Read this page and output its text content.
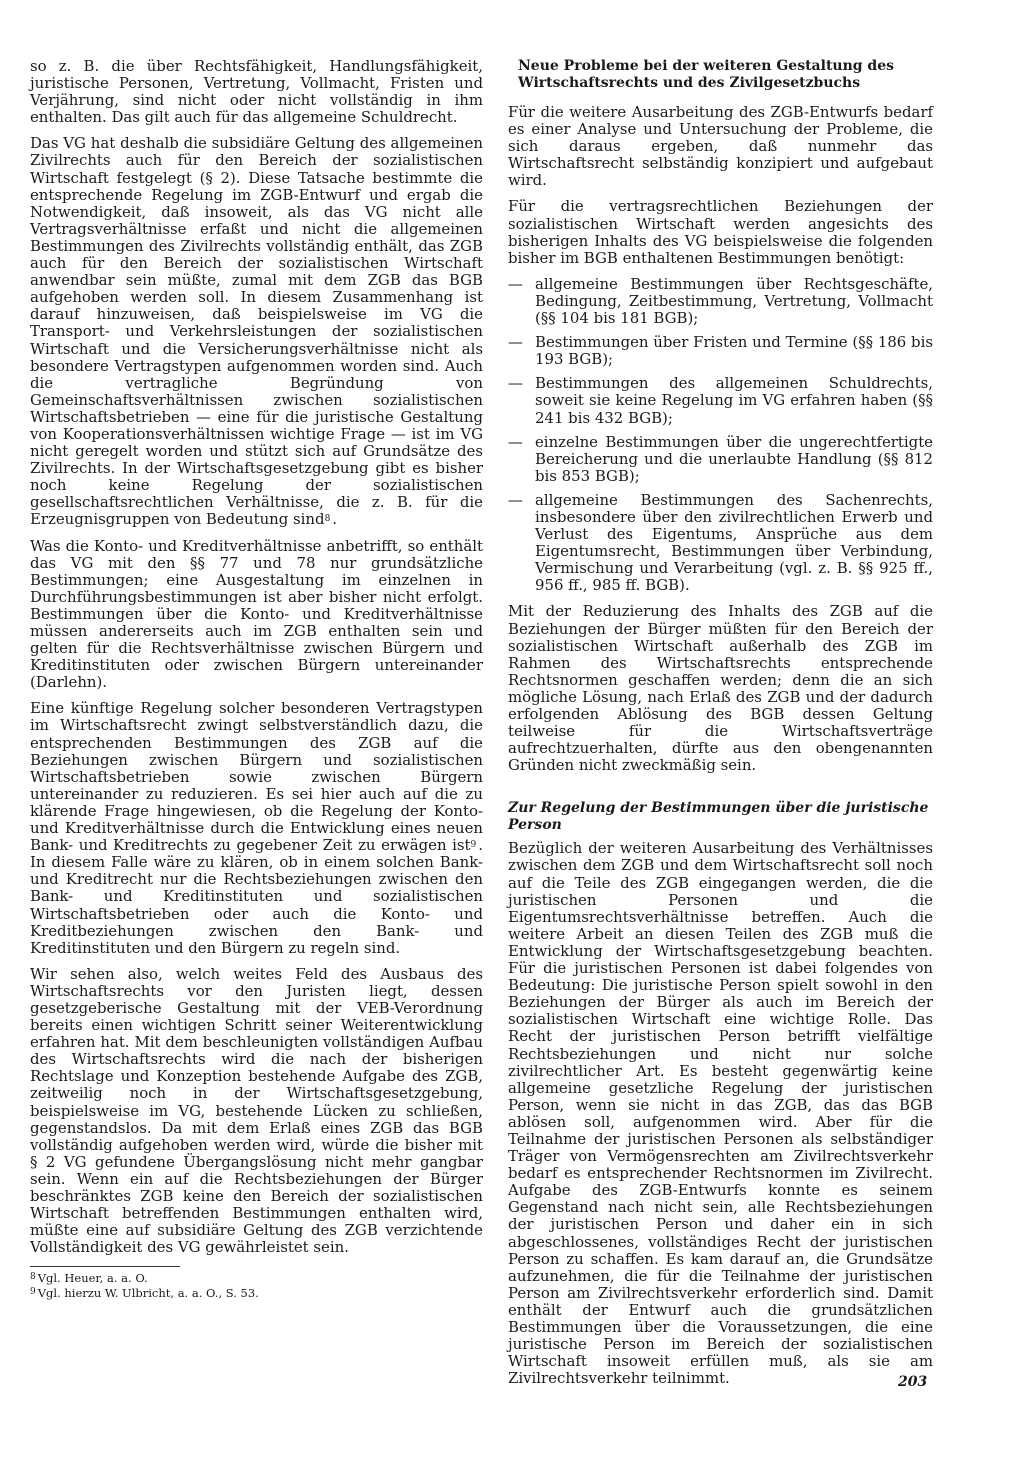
so z. B. die über Rechtsfähigkeit, Handlungsfähigkeit, juristische Personen, Vertretung, Vollmacht, Fristen und Verjährung, sind nicht oder nicht vollständig in ihm enthalten. Das gilt auch für das allgemeine Schuldrecht.

Das VG hat deshalb die subsidiäre Geltung des allgemeinen Zivilrechts auch für den Bereich der sozialistischen Wirtschaft festgelegt (§ 2). Diese Tatsache bestimmte die entsprechende Regelung im ZGB-Entwurf und ergab die Notwendigkeit, daß insoweit, als das VG nicht alle Vertragsverhältnisse erfaßt und nicht die allgemeinen Bestimmungen des Zivilrechts vollständig enthält, das ZGB auch für den Bereich der sozialistischen Wirtschaft anwendbar sein müßte, zumal mit dem ZGB das BGB aufgehoben werden soll. In diesem Zusammenhang ist darauf hinzuweisen, daß beispielsweise im VG die Transport- und Verkehrsleistungen der sozialistischen Wirtschaft und die Versicherungsverhältnisse nicht als besondere Vertragstypen aufgenommen worden sind. Auch die vertragliche Begründung von Gemeinschaftsverhältnissen zwischen sozialistischen Wirtschaftsbetrieben — eine für die juristische Gestaltung von Kooperationsverhältnissen wichtige Frage — ist im VG nicht geregelt worden und stützt sich auf Grundsätze des Zivilrechts. In der Wirtschaftsgesetzgebung gibt es bisher noch keine Regelung der sozialistischen gesellschaftsrechtlichen Verhältnisse, die z. B. für die Erzeugnisgruppen von Bedeutung sind$^8$ .

Was die Konto- und Kreditverhältnisse anbetrifft, so enthält das VG mit den §§ 77 und 78 nur grundsätzliche Bestimmungen; eine Ausgestaltung im einzelnen in Durchführungsbestimmungen ist aber bisher nicht erfolgt. Bestimmungen über die Konto- und Kreditverhältnisse müssen andererseits auch im ZGB enthalten sein und gelten für die Rechtsverhältnisse zwischen Bürgern und Kreditinstituten oder zwischen Bürgern untereinander (Darlehn).

Eine künftige Regelung solcher besonderen Vertragstypen im Wirtschaftsrecht zwingt selbstverständlich dazu, die entsprechenden Bestimmungen des ZGB auf die Beziehungen zwischen Bürgern und sozialistischen Wirtschaftsbetrieben sowie zwischen Bürgern untereinander zu reduzieren. Es sei hier auch auf die zu klärende Frage hingewiesen, ob die Regelung der Konto- und Kreditverhältnisse durch die Entwicklung eines neuen Bank- und Kreditrechts zu gegebener Zeit zu erwägen ist$^9$ . In diesem Falle wäre zu klären, ob in einem solchen Bank- und Kreditrecht nur die Rechtsbeziehungen zwischen den Bank- und Kreditinstituten und sozialistischen Wirtschaftsbetrieben oder auch die Konto- und Kreditbeziehungen zwischen den Bank- und Kreditinstituten und den Bürgern zu regeln sind.

Wir sehen also, welch weites Feld des Ausbaus des Wirtschaftsrechts vor den Juristen liegt, dessen gesetzgeberische Gestaltung mit der VEB-Verordnung bereits einen wichtigen Schritt seiner Weiterentwicklung erfahren hat. Mit dem beschleunigten vollständigen Aufbau des Wirtschaftsrechts wird die nach der bisherigen Rechtslage und Konzeption bestehende Aufgabe des ZGB, zeitweilig noch in der Wirtschaftsgesetzgebung, beispielsweise im VG, bestehende Lücken zu schließen, gegenstandslos. Da mit dem Erlaß eines ZGB das BGB vollständig aufgehoben werden wird, würde die bisher mit § 2 VG gefundene Übergangslösung nicht mehr gangbar sein. Wenn ein auf die Rechtsbeziehungen der Bürger beschränktes ZGB keine den Bereich der sozialistischen Wirtschaft betreffenden Bestimmungen enthalten wird, müßte eine auf subsidiäre Geltung des ZGB verzichtende Vollständigkeit des VG gewährleistet sein.

$^8$ Vgl. Heuer, a. a. O.
$^9$ Vgl. hierzu W. Ulbricht, a. a. O., S. 53.
Neue Probleme bei der weiteren Gestaltung des Wirtschaftsrechts und des Zivilgesetzbuchs

Für die weitere Ausarbeitung des ZGB-Entwurfs bedarf es einer Analyse und Untersuchung der Probleme, die sich daraus ergeben, daß nunmehr das Wirtschaftsrecht selbständig konzipiert und aufgebaut wird.

Für die vertragsrechtlichen Beziehungen der sozialistischen Wirtschaft werden angesichts des bisherigen Inhalts des VG beispielsweise die folgenden bisher im BGB enthaltenen Bestimmungen benötigt:

— allgemeine Bestimmungen über Rechtsgeschäfte, Bedingung, Zeitbestimmung, Vertretung, Vollmacht (§§ 104 bis 181 BGB);
— Bestimmungen über Fristen und Termine (§§ 186 bis 193 BGB);
— Bestimmungen des allgemeinen Schuldrechts, soweit sie keine Regelung im VG erfahren haben (§§ 241 bis 432 BGB);
— einzelne Bestimmungen über die ungerechtfertigte Bereicherung und die unerlaubte Handlung (§§ 812 bis 853 BGB);
— allgemeine Bestimmungen des Sachenrechts, insbesondere über den zivilrechtlichen Erwerb und Verlust des Eigentums, Ansprüche aus dem Eigentumsrecht, Bestimmungen über Verbindung, Vermischung und Verarbeitung (vgl. z. B. §§ 925 ff., 956 ff., 985 ff. BGB).

Mit der Reduzierung des Inhalts des ZGB auf die Beziehungen der Bürger müßten für den Bereich der sozialistischen Wirtschaft außerhalb des ZGB im Rahmen des Wirtschaftsrechts entsprechende Rechtsnormen geschaffen werden; denn die an sich mögliche Lösung, nach Erlaß des ZGB und der dadurch erfolgenden Ablösung des BGB dessen Geltung teilweise für die Wirtschaftsverträge aufrechtzuerhalten, dürfte aus den obengenannten Gründen nicht zweckmäßig sein.

Zur Regelung der Bestimmungen über die juristische Person

Bezüglich der weiteren Ausarbeitung des Verhältnisses zwischen dem ZGB und dem Wirtschaftsrecht soll noch auf die Teile des ZGB eingegangen werden, die die juristischen Personen und die Eigentumsrechtsverhältnisse betreffen. Auch die weitere Arbeit an diesen Teilen des ZGB muß die Entwicklung der Wirtschaftsgesetzgebung beachten. Für die juristischen Personen ist dabei folgendes von Bedeutung: Die juristische Person spielt sowohl in den Beziehungen der Bürger als auch im Bereich der sozialistischen Wirtschaft eine wichtige Rolle. Das Recht der juristischen Person betrifft vielfältige Rechtsbeziehungen und nicht nur solche zivilrechtlicher Art. Es besteht gegenwärtig keine allgemeine gesetzliche Regelung der juristischen Person, wenn sie nicht in das ZGB, das das BGB ablösen soll, aufgenommen wird. Aber für die Teilnahme der juristischen Personen als selbständiger Träger von Vermögensrechten am Zivilrechtsverkehr bedarf es entsprechender Rechtsnormen im Zivilrecht. Aufgabe des ZGB-Entwurfs konnte es seinem Gegenstand nach nicht sein, alle Rechtsbeziehungen der juristischen Person und daher ein in sich abgeschlossenes, vollständiges Recht der juristischen Person zu schaffen. Es kam darauf an, die Grundsätze aufzunehmen, die für die Teilnahme der juristischen Person am Zivilrechtsverkehr erforderlich sind. Damit enthält der Entwurf auch die grundsätzlichen Bestimmungen über die Voraussetzungen, die eine juristische Person im Bereich der sozialistischen Wirtschaft insoweit erfüllen muß, als sie am Zivilrechtsverkehr teilnimmt.	203
